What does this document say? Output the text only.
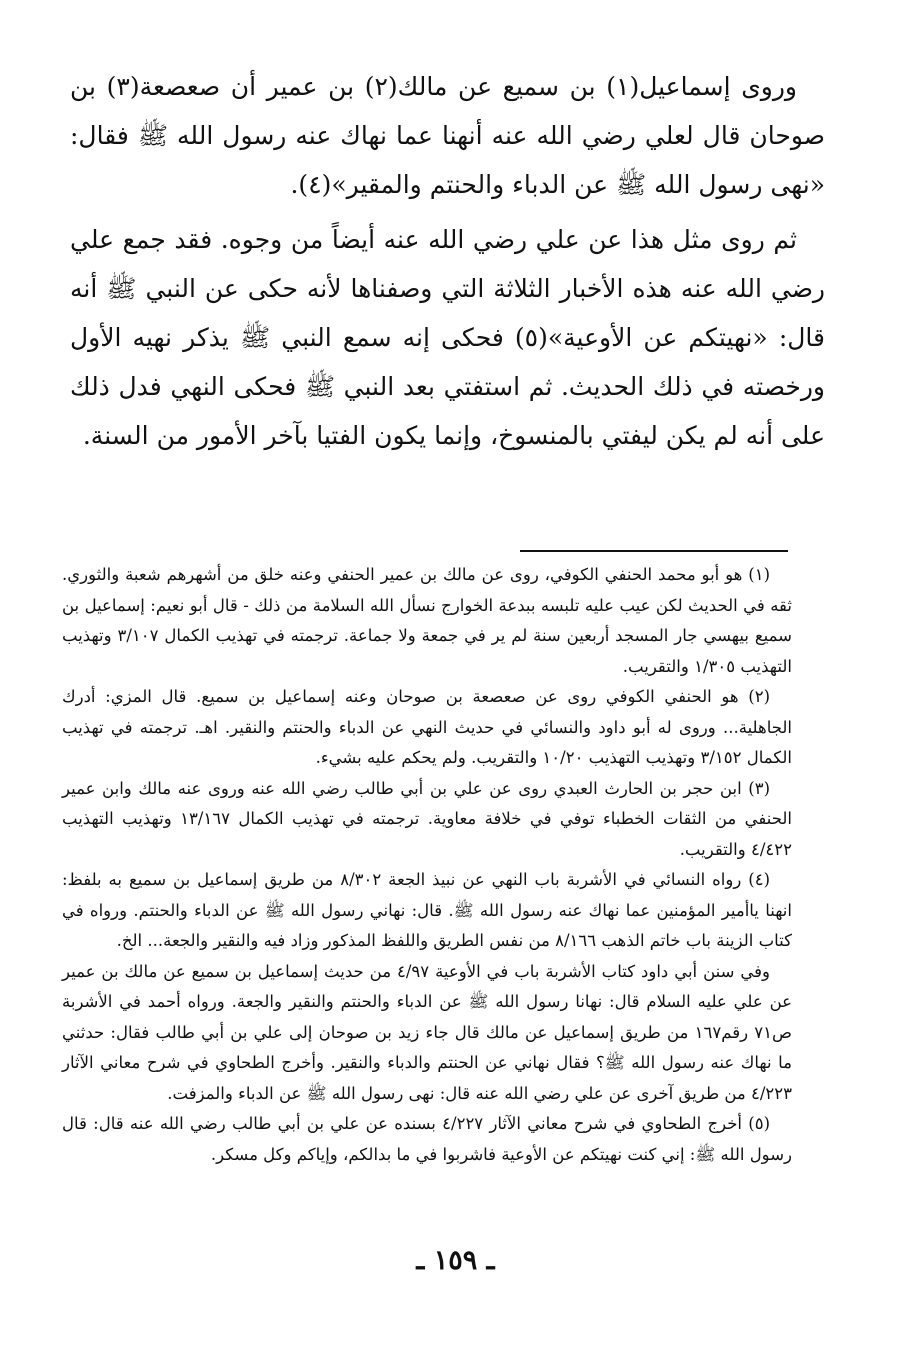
وروى إسماعيل(١) بن سميع عن مالك(٢) بن عمير أن صعصعة(٣) بن صوحان قال لعلي رضي الله عنه أنهنا عما نهاك عنه رسول الله ﷺ فقال: «نهى رسول الله ﷺ عن الدباء والحنتم والمقير»(٤).

ثم روى مثل هذا عن علي رضي الله عنه أيضاً من وجوه. فقد جمع علي رضي الله عنه هذه الأخبار الثلاثة التي وصفناها لأنه حكى عن النبي ﷺ أنه قال: «نهيتكم عن الأوعية»(٥) فحكى إنه سمع النبي ﷺ يذكر نهيه الأول ورخصته في ذلك الحديث. ثم استفتي بعد النبي ﷺ فحكى النهي فدل ذلك على أنه لم يكن ليفتي بالمنسوخ، وإنما يكون الفتيا بآخر الأمور من السنة.

(١) هو أبو محمد الحنفي الكوفي، روى عن مالك بن عمير الحنفي وعنه خلق من أشهرهم شعبة والثوري. ثقه في الحديث لكن عيب عليه تلبسه ببدعة الخوارج نسأل الله السلامة من ذلك - قال أبو نعيم: إسماعيل بن سميع بيهسي جار المسجد أربعين سنة لم ير في جمعة ولا جماعة. ترجمته في تهذيب الكمال ٣/١٠٧ وتهذيب التهذيب ١/٣٠٥ والتقريب.

(٢) هو الحنفي الكوفي روى عن صعصعة بن صوحان وعنه إسماعيل بن سميع. قال المزي: أدرك الجاهلية... وروى له أبو داود والنسائي في حديث النهي عن الدباء والحنتم والنقير. اهـ. ترجمته في تهذيب الكمال ٣/١٥٢ وتهذيب التهذيب ١٠/٢٠ والتقريب. ولم يحكم عليه بشيء.

(٣) ابن حجر بن الحارث العبدي روى عن علي بن أبي طالب رضي الله عنه وروى عنه مالك وابن عمير الحنفي من الثقات الخطباء توفي في خلافة معاوية. ترجمته في تهذيب الكمال ١٣/١٦٧ وتهذيب التهذيب ٤/٤٢٢ والتقريب.

(٤) رواه النسائي في الأشربة باب النهي عن نبيذ الجعة ٨/٣٠٢ من طريق إسماعيل بن سميع به بلفظ: انهنا ياأمير المؤمنين عما نهاك عنه رسول الله ﷺ. قال: نهاني رسول الله ﷺ عن الدباء والحنتم. ورواه في كتاب الزينة باب خاتم الذهب ٨/١٦٦ من نفس الطريق واللفظ المذكور وزاد فيه والنقير والجعة... الخ.

وفي سنن أبي داود كتاب الأشربة باب في الأوعية ٤/٩٧ من حديث إسماعيل بن سميع عن مالك بن عمير عن علي عليه السلام قال: نهانا رسول الله ﷺ عن الدباء والحنتم والنقير والجعة. ورواه أحمد في الأشربة ص٧١ رقم١٦٧ من طريق إسماعيل عن مالك قال جاء زيد بن صوحان إلى علي بن أبي طالب فقال: حدثني ما نهاك عنه رسول الله ﷺ؟ فقال نهاني عن الحنتم والدباء والنقير. وأخرج الطحاوي في شرح معاني الآثار ٤/٢٢٣ من طريق آخرى عن علي رضي الله عنه قال: نهى رسول الله ﷺ عن الدباء والمزفت.

(٥) أخرج الطحاوي في شرح معاني الآثار ٤/٢٢٧ بسنده عن علي بن أبي طالب رضي الله عنه قال: قال رسول الله ﷺ: إني كنت نهيتكم عن الأوعية فاشربوا في ما بدالكم، وإياكم وكل مسكر.

ـ ١٥٩ ـ
